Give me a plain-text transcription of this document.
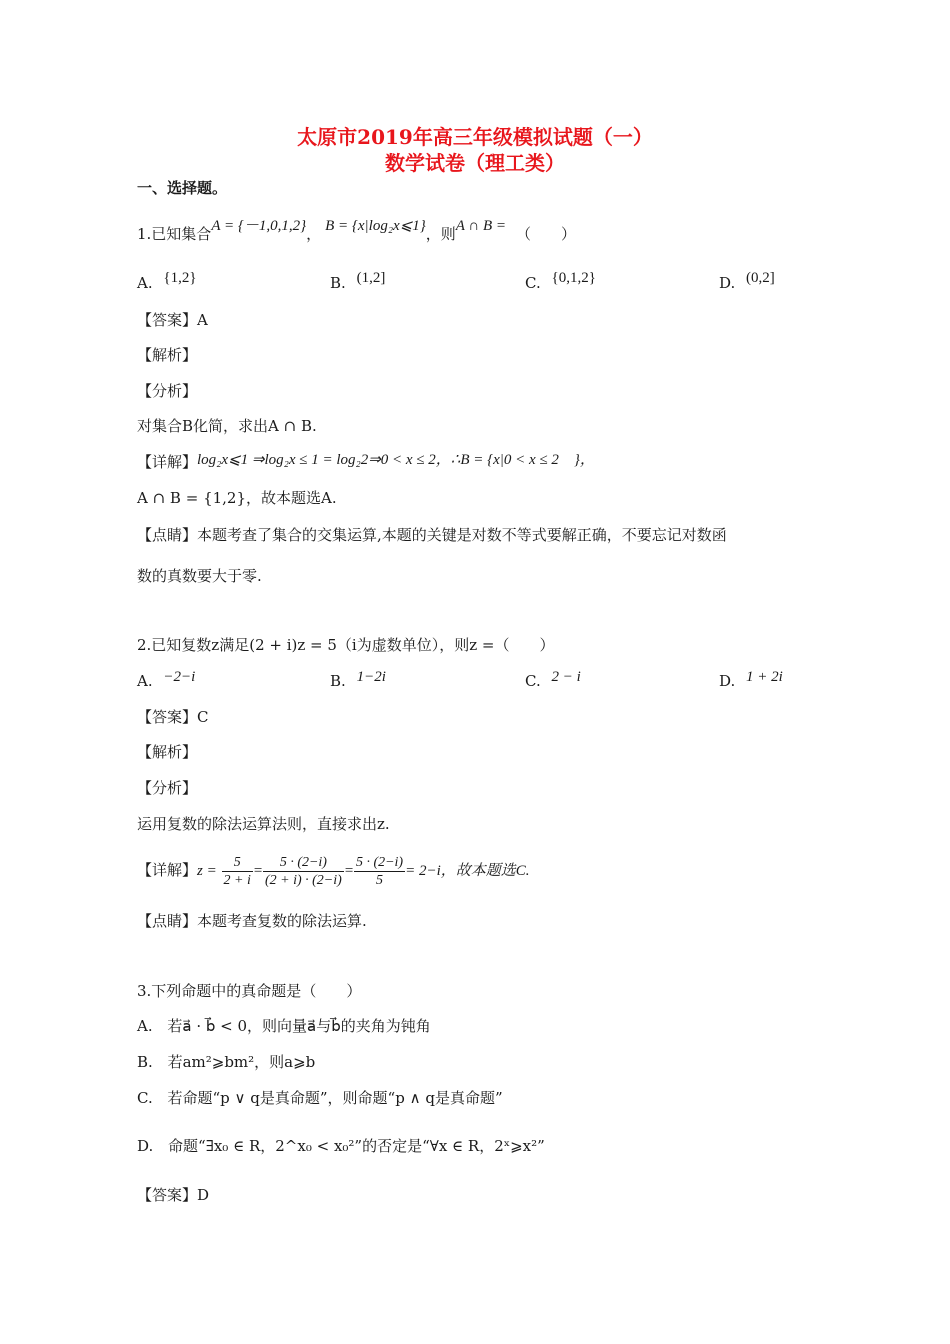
太原市2019年高三年级模拟试题（一）
数学试卷（理工类）
一、选择题。
1.已知集合A = {－1,0,1,2}， B = {x|log₂x⩽1}，则A ∩ B = （　　）
A. {1,2}	B. (1,2]	C. {0,1,2}	D. (0,2]
【答案】A
【解析】
【分析】
对集合B化简，求出A ∩ B.
【详解】log₂x⩽1 ⇒log₂x ≤ 1 = log₂2⇒0 < x ≤ 2，∴B = {x|0 < x ≤ 2　}，
A ∩ B = {1,2}，故本题选A.
【点睛】本题考查了集合的交集运算,本题的关键是对数不等式要解正确，不要忘记对数函
数的真数要大于零.
2.已知复数z满足(2 + i)z = 5（i为虚数单位），则z =（　　）
A. −2−i	B. 1−2i	C. 2 − i	D. 1 + 2i
【答案】C
【解析】
【分析】
运用复数的除法运算法则，直接求出z.
【详解】$z = \frac{5}{2 + i} = \frac{5 \cdot (2-i)}{(2 + i) \cdot (2-i)} = \frac{5 \cdot (2-i)}{5} = 2-i$，故本题选C.
【点睛】本题考查复数的除法运算.
3.下列命题中的真命题是（　　）
A. 若a⃗ · b⃗ < 0，则向量a⃗与b⃗的夹角为钝角
B. 若am²⩾bm²，则a⩾b
C. 若命题“p ∨ q是真命题”，则命题“p ∧ q是真命题”
D. 命题“∃x₀ ∈ R，2^x₀ < x₀²”的否定是“∀x ∈ R，2ˣ⩾x²”
【答案】D
